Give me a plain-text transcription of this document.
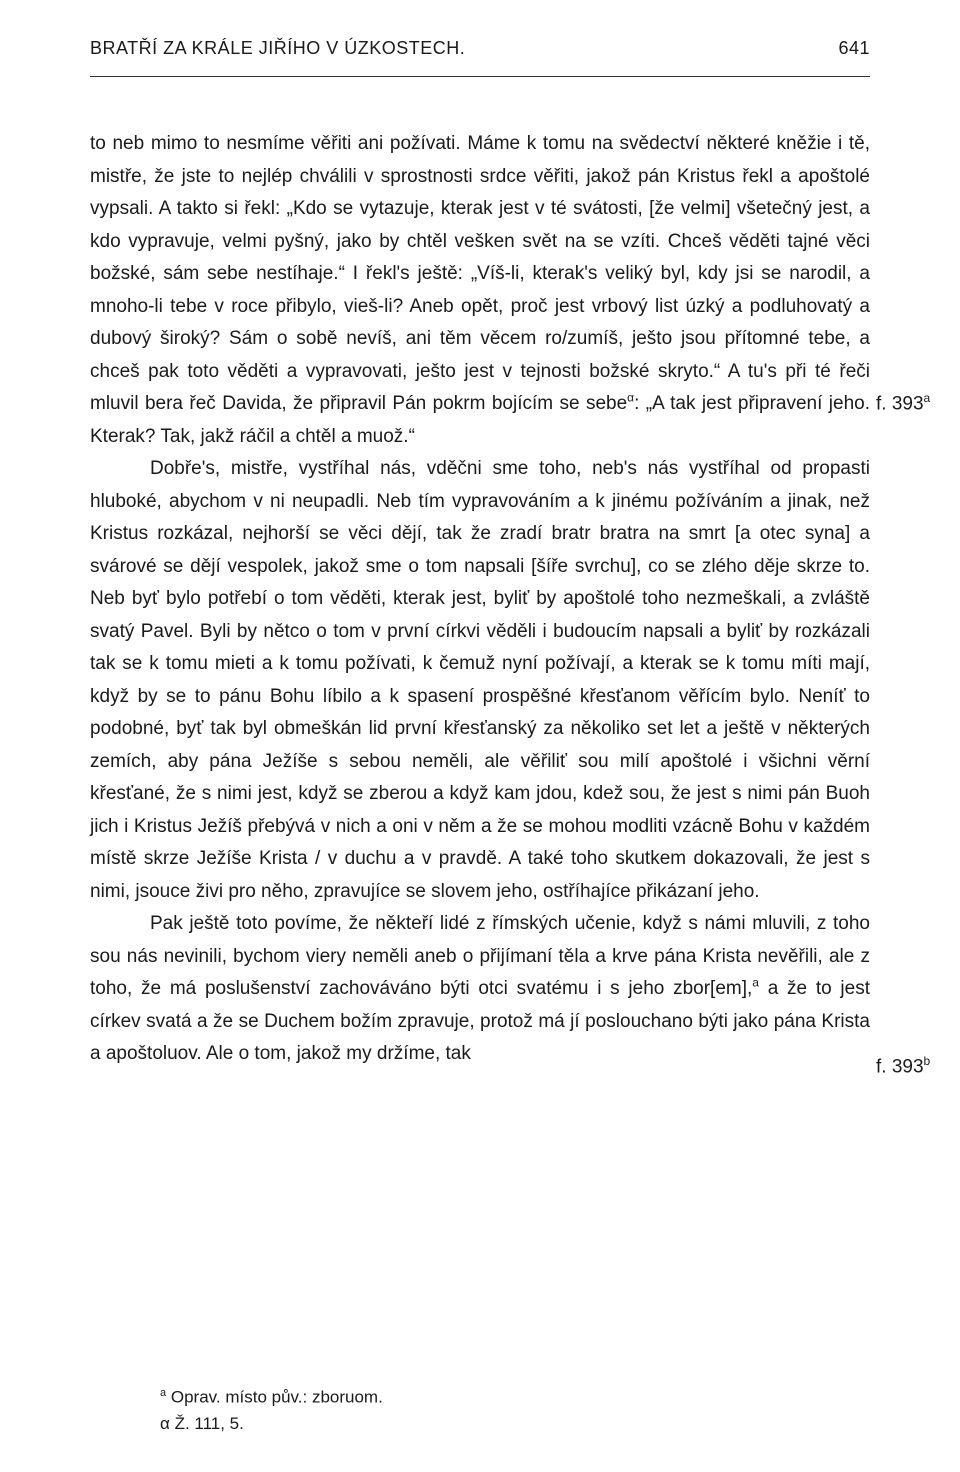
BRATŘÍ ZA KRÁLE JIŘÍHO V ÚZKOSTECH.	641

to neb mimo to nesmíme věřiti ani požívati. Máme k tomu na svědectví některé kněžie i tě, mistře, že jste to nejlép chválili v sprostnosti srdce věřiti, jakož pán Kristus řekl a apoštolé vypsali. A takto si řekl: „Kdo se vytazuje, kterak jest v té svátosti, [že velmi] všetečný jest, a kdo vypravuje, velmi pyšný, jako by chtěl vešken svět na se vzíti. Chceš věděti tajné věci božské, sám sebe nestíhaje.“ I řekl's ještě: „Víš-li, kterak's veliký byl, kdy jsi se narodil, a mnoho-li tebe v roce přibylo, vieš-li? Aneb opět, proč jest vrbový list úzký a podluhovatý a dubový široký? Sám o sobě nevíš, ani těm věcem ro/zumíš, ješto jsou přítomné tebe, a chceš pak toto věděti a vypravovati, ješto jest v tejnosti božské skryto.“ A tu's při té řeči mluvil bera řeč Davida, že připravil Pán pokrm bojícím se sebe$^\alpha$: „A tak jest připravení jeho. Kterak? Tak, jakž ráčil a chtěl a muož.“

Dobře's, mistře, vystříhal nás, vděčni sme toho, neb's nás vystříhal od propasti hluboké, abychom v ni neupadli. Neb tím vypravováním a k jinému požíváním a jinak, než Kristus rozkázal, nejhorší se věci dějí, tak že zradí bratr bratra na smrt [a otec syna] a svárové se dějí vespolek, jakož sme o tom napsali [šíře svrchu], co se zlého děje skrze to. Neb byť bylo potřebí o tom věděti, kterak jest, byliť by apoštolé toho nezmeškali, a zvláště svatý Pavel. Byli by nětco o tom v první církvi věděli i budoucím napsali a byliť by rozkázali tak se k tomu mieti a k tomu požívati, k čemuž nyní požívají, a kterak se k tomu míti mají, když by se to pánu Bohu líbilo a k spasení prospěšné křesťanom věřícím bylo. Neníť to podobné, byť tak byl obmeškán lid první křesťanský za několiko set let a ještě v některých zemích, aby pána Ježíše s sebou neměli, ale věřiliť sou milí apoštolé i všichni věrní křesťané, že s nimi jest, když se zberou a když kam jdou, kdež sou, že jest s nimi pán Buoh jich i Kristus Ježíš přebývá v nich a oni v něm a že se mohou modliti vzácně Bohu v každém místě skrze Ježíše Krista / v duchu a v pravdě. A také toho skutkem dokazovali, že jest s nimi, jsouce živi pro něho, zpravujíce se slovem jeho, ostříhajíce přikázaní jeho.

Pak ještě toto povíme, že někteří lidé z římských učenie, když s námi mluvili, z toho sou nás nevinili, bychom viery neměli aneb o přijímaní těla a krve pána Krista nevěřili, ale z toho, že má poslušenství zachováváno býti otci svatému i s jeho zbor[em],$^a$ a že to jest církev svatá a že se Duchem božím zpravuje, protož má jí poslouchano býti jako pána Krista a apoštoluov. Ale o tom, jakož my držíme, tak

f. 393$^a$
f. 393$^b$
$^a$ Oprav. místo pův.: zboruom.
α Ž. 111, 5.
